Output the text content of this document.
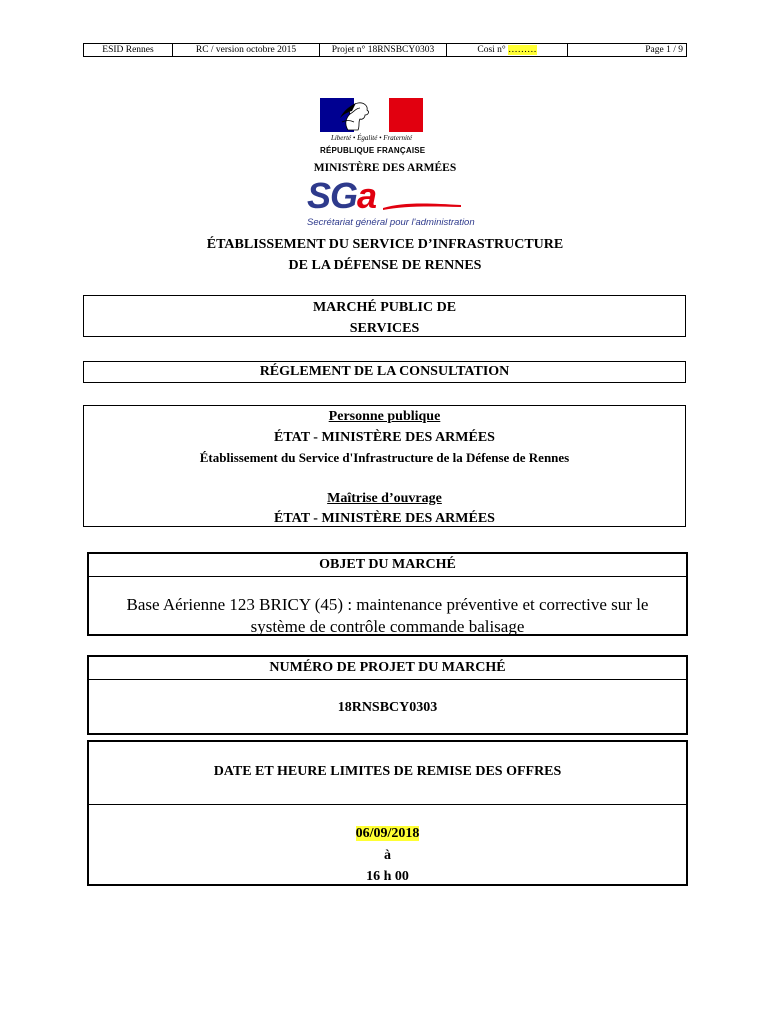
ESID Rennes	RC / version octobre 2015	Projet n° 18RNSBCY0303	Cosi n° ………	Page 1 / 9
Liberté • Égalité • Fraternité
RÉPUBLIQUE FRANÇAISE
MINISTÈRE DES ARMÉES
SGa
Secrétariat général pour l'administration
ÉTABLISSEMENT DU SERVICE D’INFRASTRUCTURE
DE LA DÉFENSE DE RENNES
MARCHÉ PUBLIC DE
SERVICES
RÉGLEMENT DE LA CONSULTATION
Personne publique
ÉTAT - MINISTÈRE DES ARMÉES
Établissement du Service d'Infrastructure de la Défense de Rennes
Maîtrise d’ouvrage
ÉTAT - MINISTÈRE DES ARMÉES
OBJET DU MARCHÉ
Base Aérienne 123 BRICY (45) : maintenance préventive et corrective sur le
système de contrôle commande balisage
NUMÉRO DE PROJET DU MARCHÉ
18RNSBCY0303
DATE ET HEURE LIMITES DE REMISE DES OFFRES
06/09/2018
à
16 h 00
